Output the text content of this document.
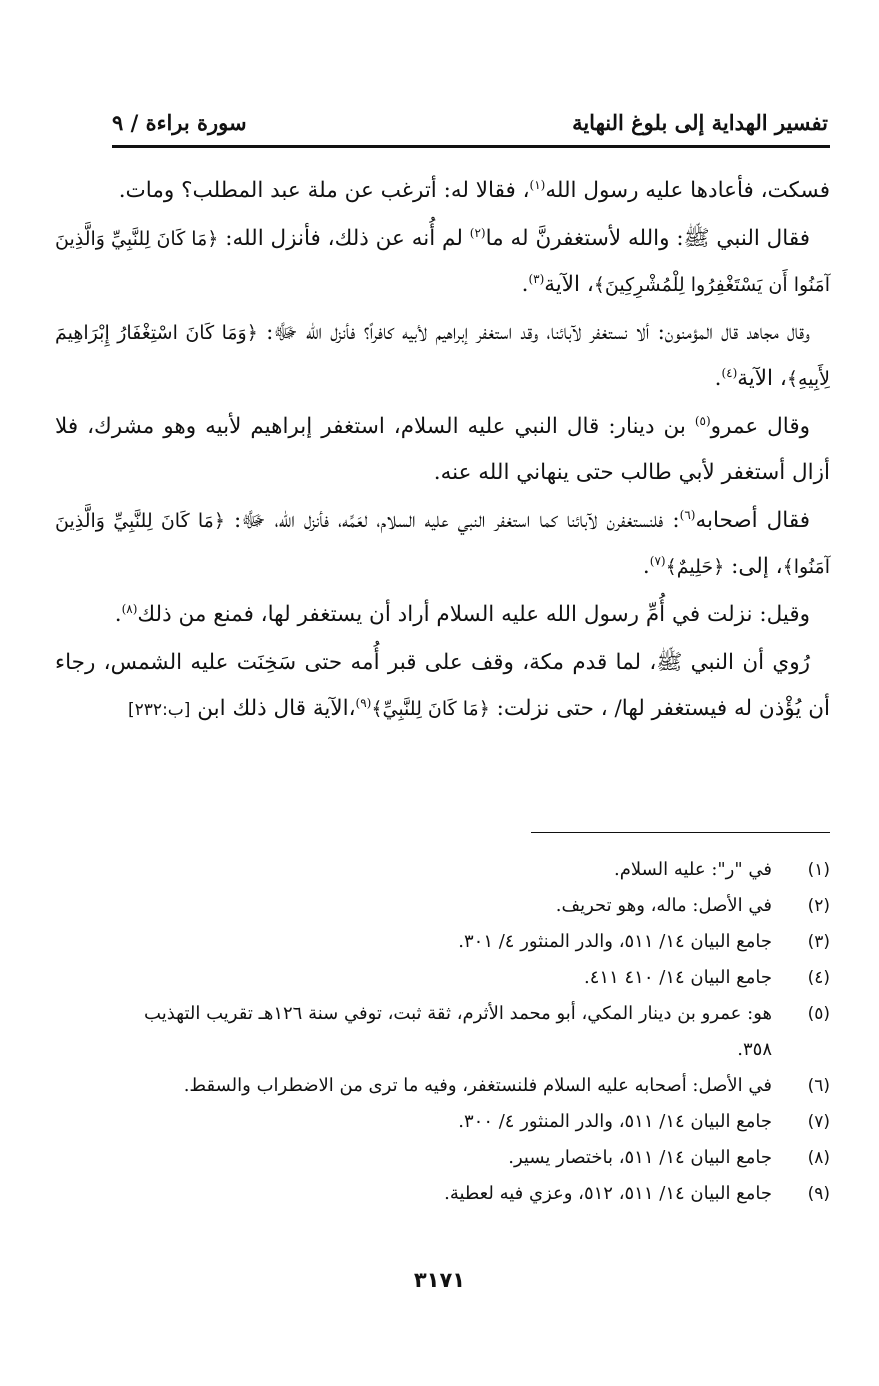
تفسير الهداية إلى بلوغ النهاية
سورة براءة / ٩

فسكت، فأعادها عليه رسول الله$^{(١)}$، فقالا له: أترغب عن ملة عبد المطلب؟ ومات.

فقال النبي ﷺ: والله لأستغفرنَّ له ما$^{(٢)}$ لم أُنه عن ذلك، فأنزل الله: ﴿مَا كَانَ لِلنَّبِيِّ وَالَّذِينَ آمَنُوا أَن يَسْتَغْفِرُوا لِلْمُشْرِكِينَ﴾، الآية$^{(٣)}$.

وقال مجاهد قال المؤمنون: ألا نستغفر لآبائنا، وقد استغفر إبراهيم لأبيه كافراً؟ فأنزل الله ﷻ: ﴿وَمَا كَانَ اسْتِغْفَارُ إِبْرَاهِيمَ لِأَبِيهِ﴾، الآية$^{(٤)}$.

وقال عمرو$^{(٥)}$ بن دينار: قال النبي عليه السلام، استغفر إبراهيم لأبيه وهو مشرك، فلا أزال أستغفر لأبي طالب حتى ينهاني الله عنه.

فقال أصحابه$^{(٦)}$: فلنستغفرن لآبائنا كما استغفر النبي عليه السلام، لعَمِّه، فأنزل الله، ﷻ: ﴿مَا كَانَ لِلنَّبِيِّ وَالَّذِينَ آمَنُوا﴾، إلى: ﴿حَلِيمٌ﴾$^{(٧)}$.

وقيل: نزلت في أُمِّ رسول الله عليه السلام أراد أن يستغفر لها، فمنع من ذلك$^{(٨)}$.

رُوي أن النبي ﷺ، لما قدم مكة، وقف على قبر أُمه حتى سَخِنَت عليه الشمس، رجاء أن يُؤْذن له فيستغفر لها/ ، حتى نزلت: ﴿مَا كَانَ لِلنَّبِيِّ﴾$^{(٩)}$،الآية قال ذلك ابن [ب:٢٣٢]

(١)
في "ر": عليه السلام.
(٢)
في الأصل: ماله، وهو تحريف.
(٣)
جامع البيان ١٤/ ٥١١، والدر المنثور ٤/ ٣٠١.
(٤)
جامع البيان ١٤/ ٤١٠ ٤١١.
(٥)
هو: عمرو بن دينار المكي، أبو محمد الأثرم، ثقة ثبت، توفي سنة ١٢٦هـ تقريب التهذيب ٣٥٨.
(٦)
في الأصل: أصحابه عليه السلام فلنستغفر، وفيه ما ترى من الاضطراب والسقط.
(٧)
جامع البيان ١٤/ ٥١١، والدر المنثور ٤/ ٣٠٠.
(٨)
جامع البيان ١٤/ ٥١١، باختصار يسير.
(٩)
جامع البيان ١٤/ ٥١١، ٥١٢، وعزي فيه لعطية.
٣١٧١
